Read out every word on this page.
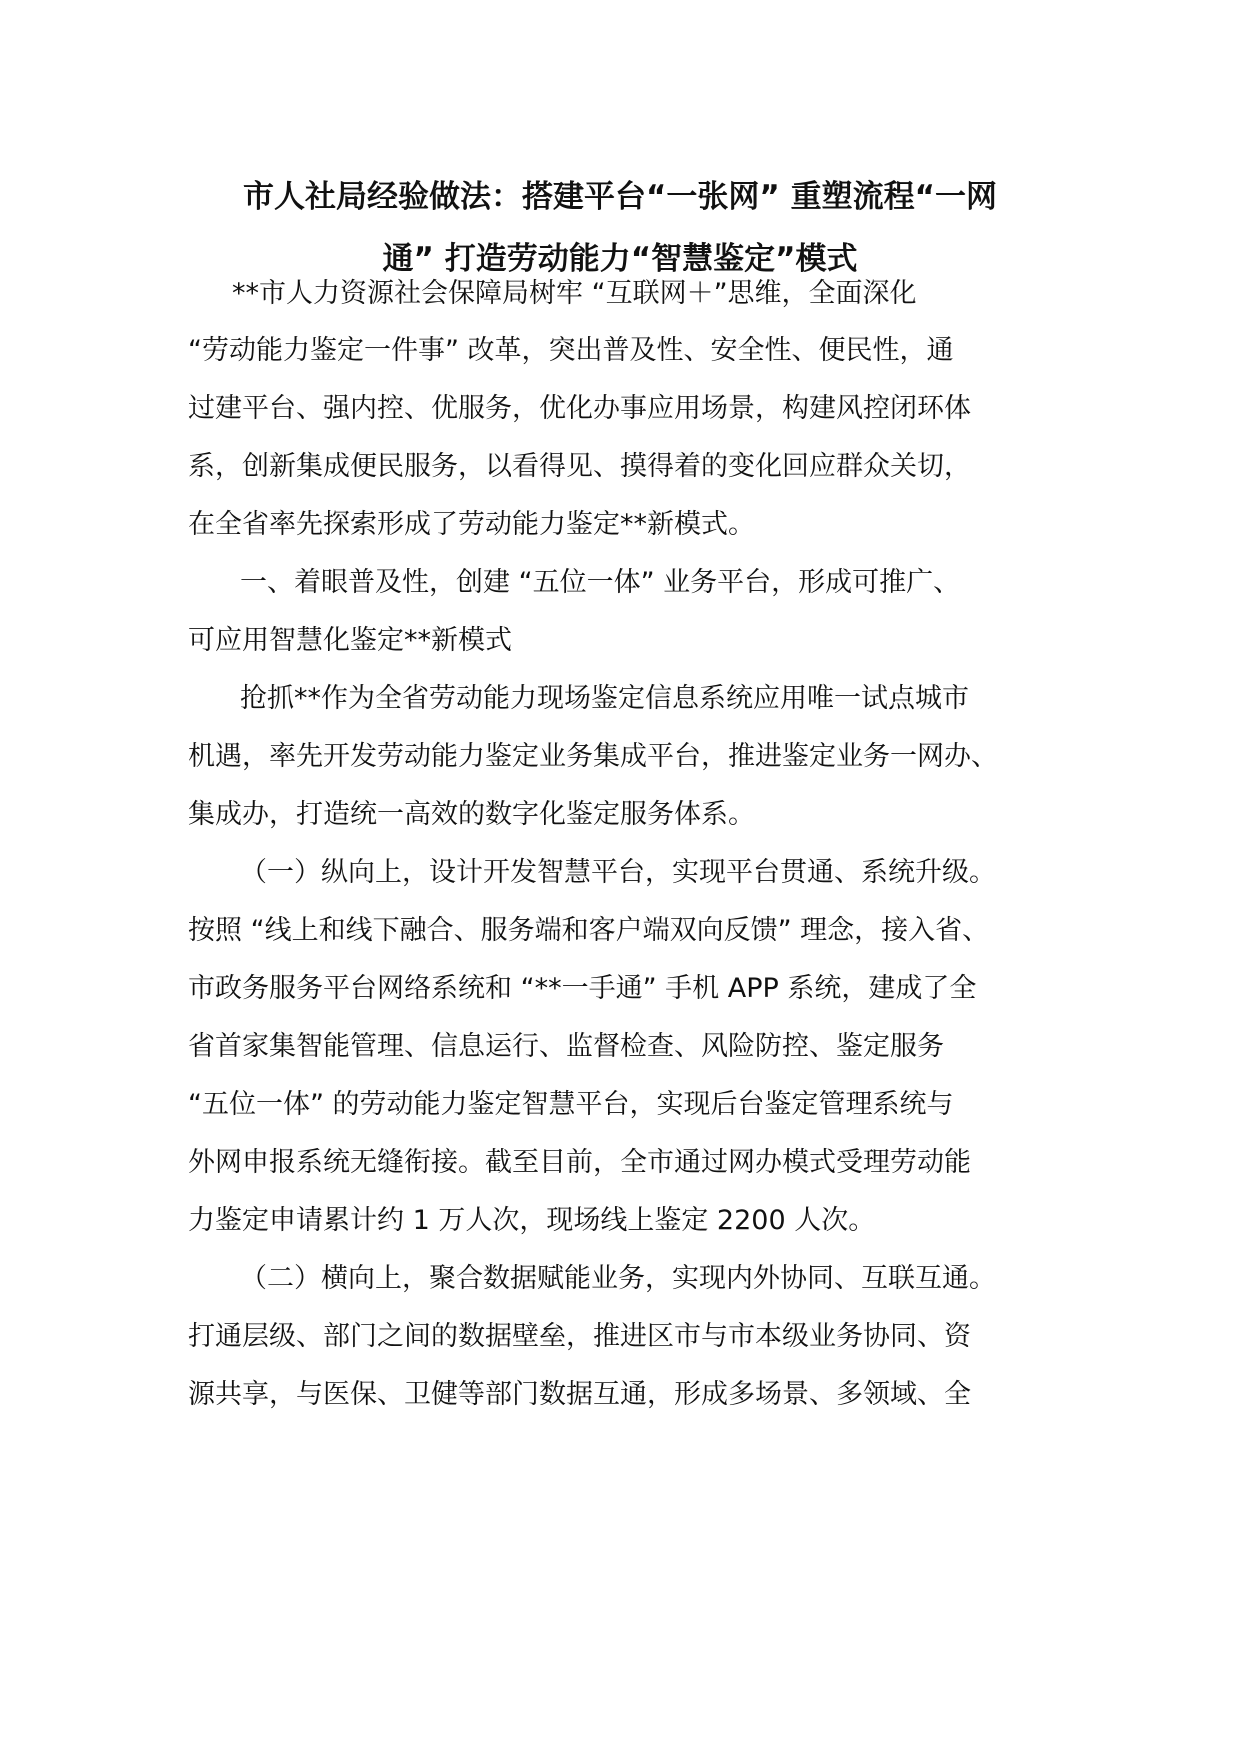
市人社局经验做法：搭建平台“一张网” 重塑流程“一网
通” 打造劳动能力“智慧鉴定”模式
**市人力资源社会保障局树牢 “互联网＋”思维，全面深化
“劳动能力鉴定一件事” 改革，突出普及性、安全性、便民性，通
过建平台、强内控、优服务，优化办事应用场景，构建风控闭环体
系，创新集成便民服务，以看得见、摸得着的变化回应群众关切，
在全省率先探索形成了劳动能力鉴定**新模式。
一、着眼普及性，创建 “五位一体” 业务平台，形成可推广、
可应用智慧化鉴定**新模式
抢抓**作为全省劳动能力现场鉴定信息系统应用唯一试点城市
机遇，率先开发劳动能力鉴定业务集成平台，推进鉴定业务一网办、
集成办，打造统一高效的数字化鉴定服务体系。
（一）纵向上，设计开发智慧平台，实现平台贯通、系统升级。
按照 “线上和线下融合、服务端和客户端双向反馈” 理念，接入省、
市政务服务平台网络系统和 “**一手通” 手机 APP 系统，建成了全
省首家集智能管理、信息运行、监督检查、风险防控、鉴定服务
“五位一体” 的劳动能力鉴定智慧平台，实现后台鉴定管理系统与
外网申报系统无缝衔接。截至目前，全市通过网办模式受理劳动能
力鉴定申请累计约 1 万人次，现场线上鉴定 2200 人次。
（二）横向上，聚合数据赋能业务，实现内外协同、互联互通。
打通层级、部门之间的数据壁垒，推进区市与市本级业务协同、资
源共享，与医保、卫健等部门数据互通，形成多场景、多领域、全
